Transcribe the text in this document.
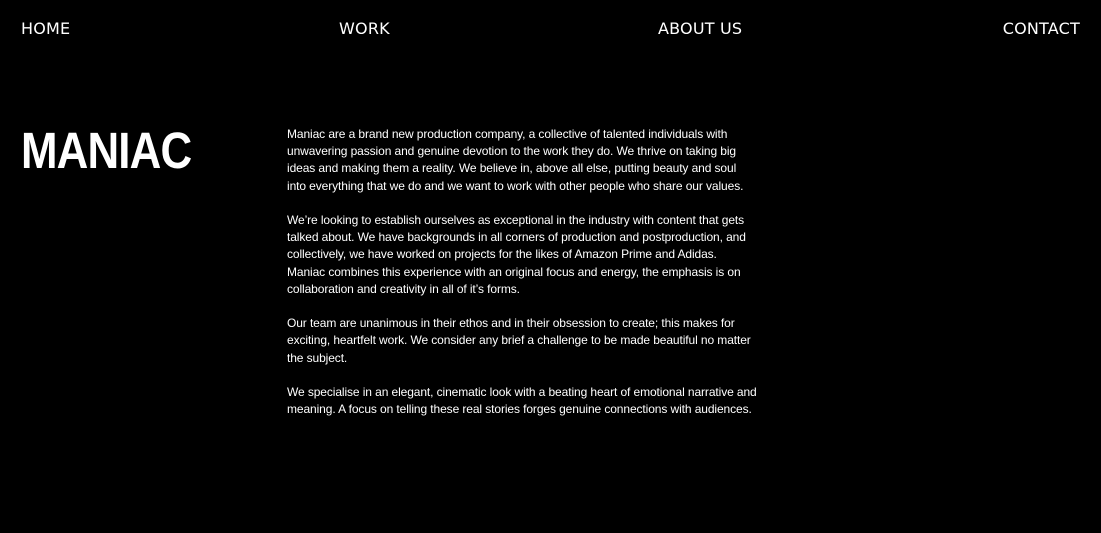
HOME	WORK	ABOUT US	CONTACT
MANIAC	Maniac are a brand new production company, a collective of talented individuals with unwavering passion and genuine devotion to the work they do. We thrive on taking big ideas and making them a reality. We believe in, above all else, putting beauty and soul into everything that we do and we want to work with other people who share our values.

We’re looking to establish ourselves as exceptional in the industry with content that gets talked about. We have backgrounds in all corners of production and postproduction, and collectively, we have worked on projects for the likes of Amazon Prime and Adidas. Maniac combines this experience with an original focus and energy, the emphasis is on collaboration and creativity in all of it’s forms.

Our team are unanimous in their ethos and in their obsession to create; this makes for exciting, heartfelt work. We consider any brief a challenge to be made beautiful no matter the subject.

We specialise in an elegant, cinematic look with a beating heart of emotional narrative and meaning. A focus on telling these real stories forges genuine connections with audiences.
